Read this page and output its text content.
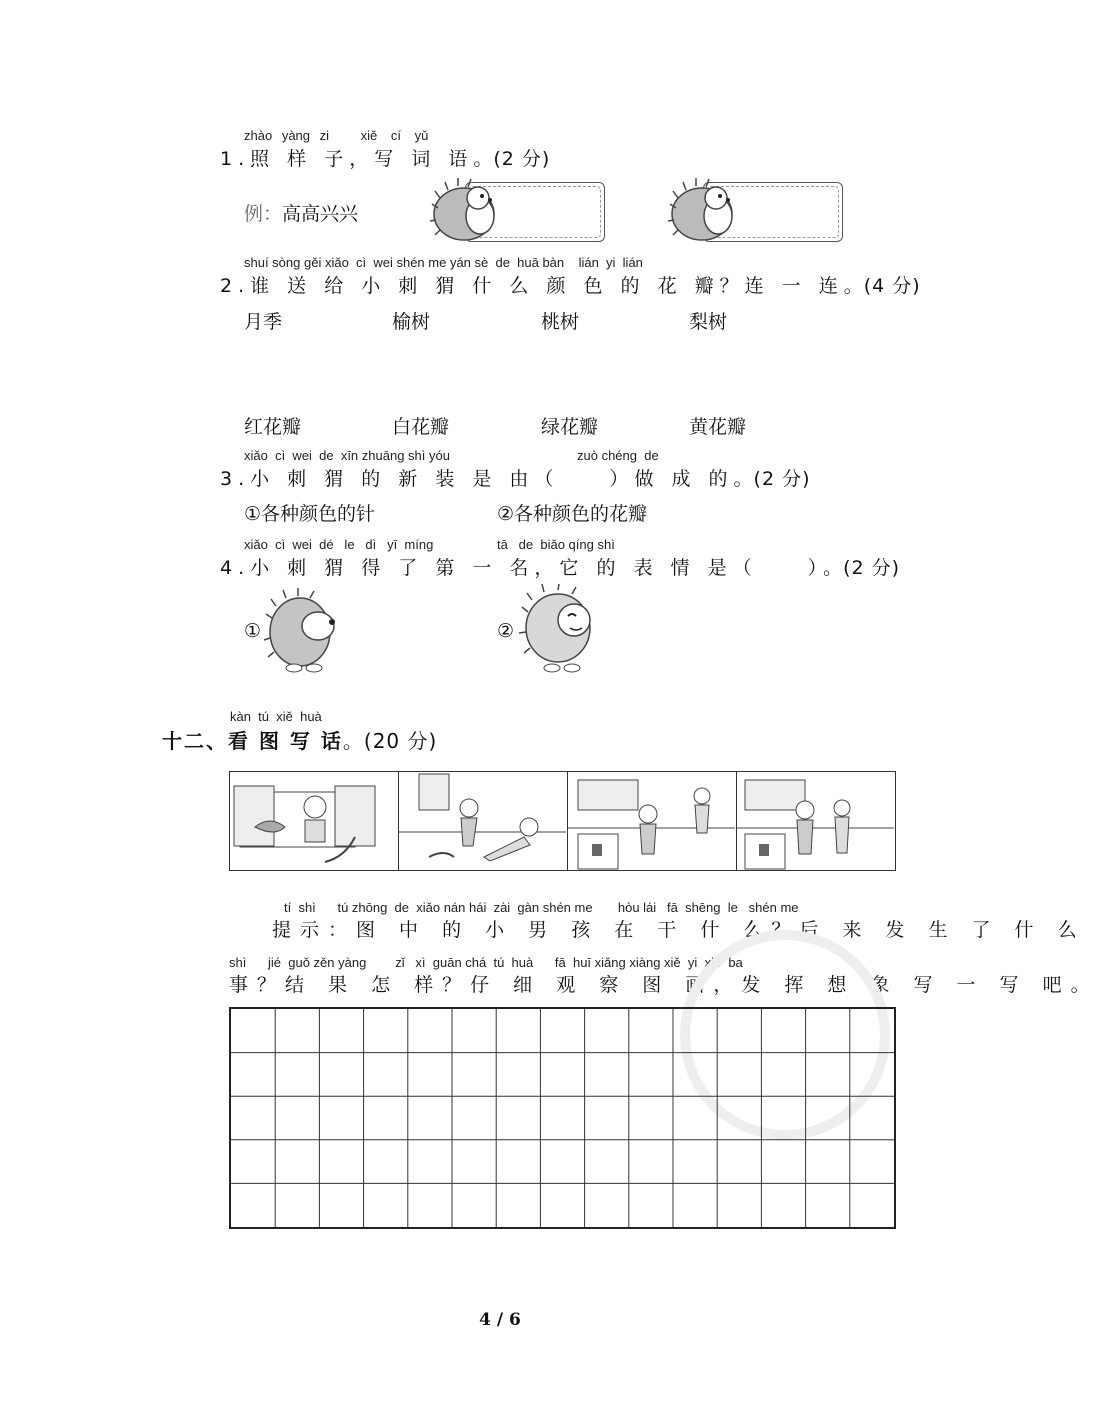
zhào yàng zi xiě cí yǔ
1.照 样 子，写 词 语。(2 分)
例：高高兴兴
shuí sòng gěi xiǎo  cì  wei shén me yán sè  de  huā bàn    lián  yi  lián
2.谁 送 给 小 刺 猬 什 么 颜 色 的 花 瓣？连 一 连。(4 分)
月季	榆树	桃树	梨树
红花瓣	白花瓣	绿花瓣	黄花瓣
xiǎo  cì  wei  de  xīn zhuāng shì yóu	zuò chéng  de
3.小 刺 猬 的 新 装 是 由（　　）做 成 的。(2 分)
①各种颜色的针	②各种颜色的花瓣
xiǎo  cì  wei  dé   le   dì   yī  míng	tā   de  biǎo qíng shì
4.小 刺 猬 得 了 第 一 名，它 的 表 情 是（　　）。(2 分)
①	②
kàn  tú  xiě  huà
十二、看 图 写 话。(20 分)
tí  shì      tú zhōng  de  xiǎo nán hái  zài  gàn shén me       hòu lái   fā  shēng  le   shén me
提示：图 中 的 小 男 孩 在 干 什 么？后 来 发 生 了 什 么
shì      jié  guǒ zěn yàng        zǐ   xì  guān chá  tú  huà      fā  huī xiǎng xiàng xiě  yi  xiě  ba
事？结 果 怎 样？仔 细 观 察 图 画，发 挥 想 象 写 一 写 吧。
4 / 6
